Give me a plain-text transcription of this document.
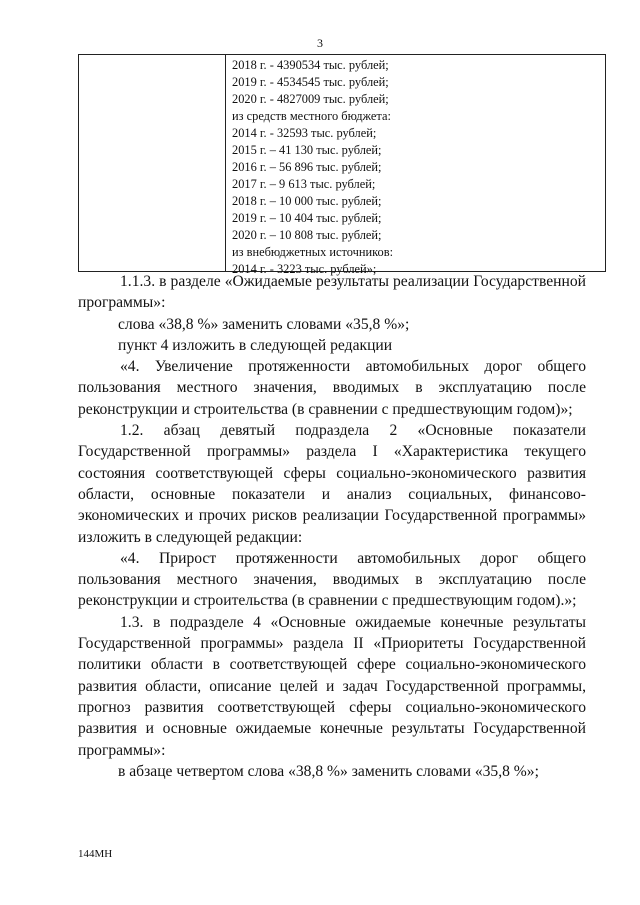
3
2018 г. - 4390534 тыс. рублей;
2019 г. - 4534545 тыс. рублей;
2020 г. - 4827009 тыс. рублей;
из средств местного бюджета:
2014 г. - 32593 тыс. рублей;
2015 г. – 41 130 тыс. рублей;
2016 г. – 56 896 тыс. рублей;
2017 г. – 9 613 тыс. рублей;
2018 г. – 10 000 тыс. рублей;
2019 г. – 10 404 тыс. рублей;
2020 г. – 10 808 тыс. рублей;
из внебюджетных источников:
2014 г. - 3223 тыс. рублей»;

1.1.3. в разделе «Ожидаемые результаты реализации Государственной программы»:

слова «38,8 %» заменить словами «35,8 %»;

пункт 4 изложить в следующей редакции

«4. Увеличение протяженности автомобильных дорог общего пользования местного значения, вводимых в эксплуатацию после реконструкции и строительства (в сравнении с предшествующим годом)»;

1.2. абзац девятый подраздела 2 «Основные показатели Государственной программы» раздела I «Характеристика текущего состояния соответствующей сферы социально-экономического развития области, основные показатели и анализ социальных, финансово-экономических и прочих рисков реализации Государственной программы» изложить в следующей редакции:

«4. Прирост протяженности автомобильных дорог общего пользования местного значения, вводимых в эксплуатацию после реконструкции и строительства (в сравнении с предшествующим годом).»;

1.3. в подразделе 4 «Основные ожидаемые конечные результаты Государственной программы» раздела II «Приоритеты Государственной политики области в соответствующей сфере социально-экономического развития области, описание целей и задач Государственной программы, прогноз развития соответствующей сферы социально-экономического развития и основные ожидаемые конечные результаты Государственной программы»:

в абзаце четвертом слова «38,8 %» заменить словами «35,8 %»;

144МН
